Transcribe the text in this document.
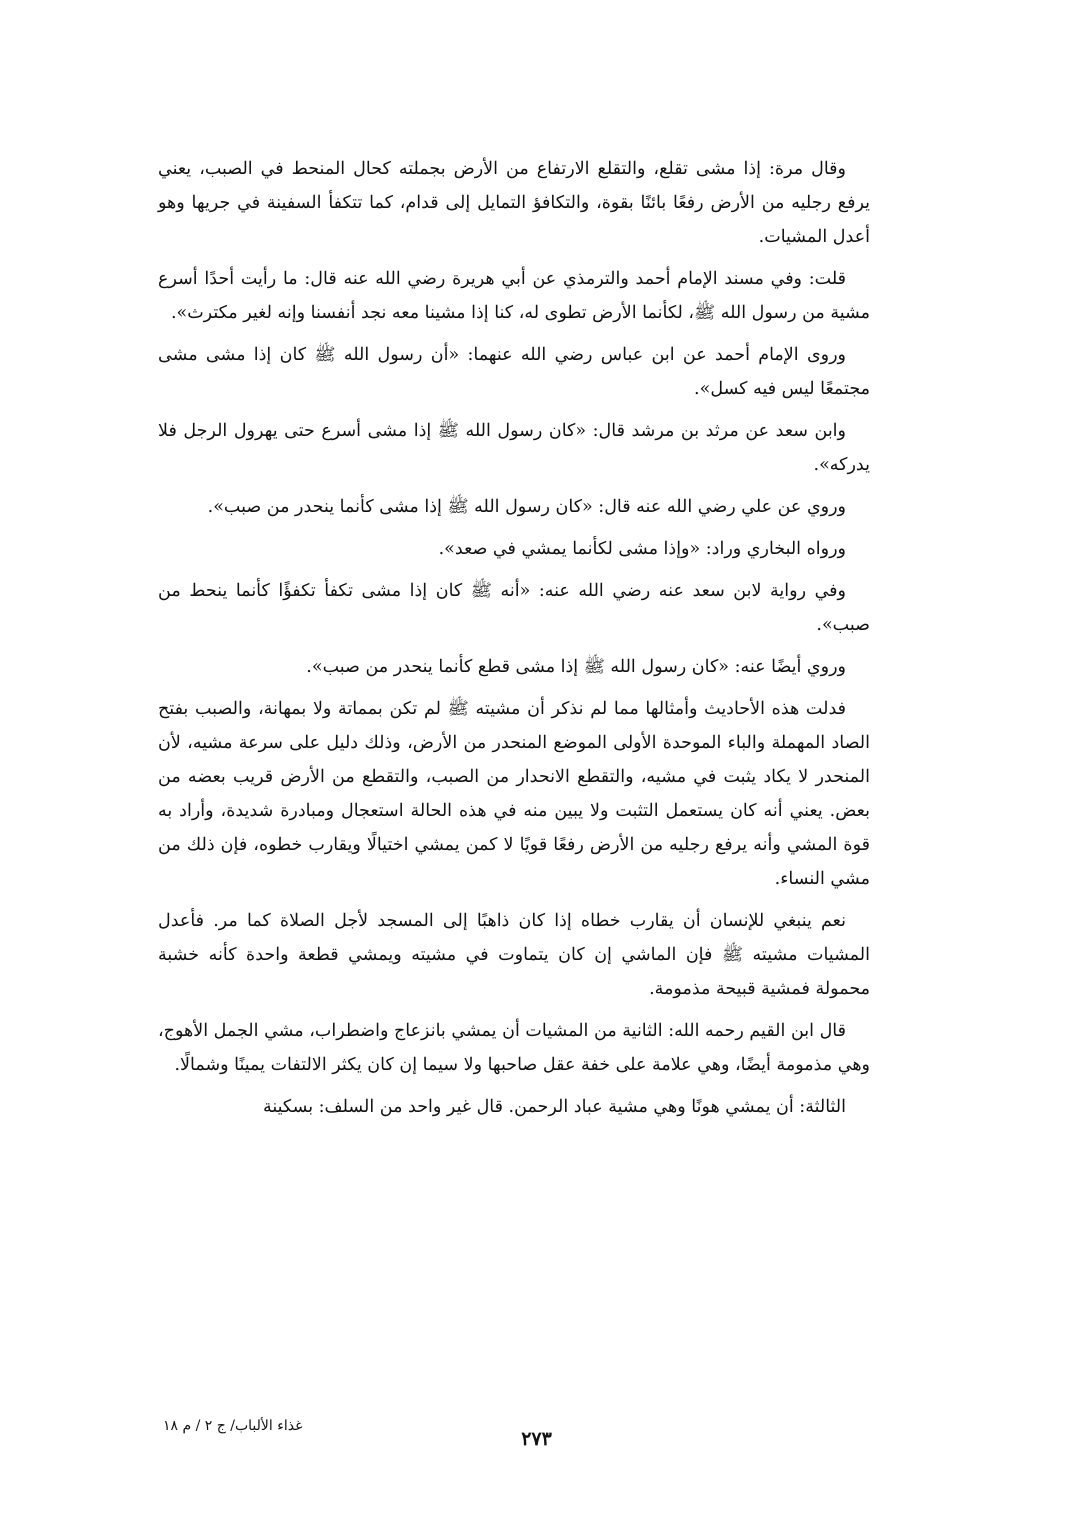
وقال مرة: إذا مشى تقلع، والتقلع الارتفاع من الأرض بجملته كحال المنحط في الصبب، يعني يرفع رجليه من الأرض رفعًا بائنًا بقوة، والتكافؤ التمايل إلى قدام، كما تتكفأ السفينة في جريها وهو أعدل المشيات.

قلت: وفي مسند الإمام أحمد والترمذي عن أبي هريرة رضي الله عنه قال: ما رأيت أحدًا أسرع مشية من رسول الله ﷺ، لكأنما الأرض تطوى له، كنا إذا مشينا معه نجد أنفسنا وإنه لغير مكترث».

وروى الإمام أحمد عن ابن عباس رضي الله عنهما: «أن رسول الله ﷺ كان إذا مشى مشى مجتمعًا ليس فيه كسل».

وابن سعد عن مرثد بن مرشد قال: «كان رسول الله ﷺ إذا مشى أسرع حتى يهرول الرجل فلا يدركه».

وروي عن علي رضي الله عنه قال: «كان رسول الله ﷺ إذا مشى كأنما ينحدر من صبب».

ورواه البخاري وراد: «وإذا مشى لكأنما يمشي في صعد».

وفي رواية لابن سعد عنه رضي الله عنه: «أنه ﷺ كان إذا مشى تكفأ تكفؤًا كأنما ينحط من صبب».

وروي أيضًا عنه: «كان رسول الله ﷺ إذا مشى قطع كأنما ينحدر من صبب».

فدلت هذه الأحاديث وأمثالها مما لم نذكر أن مشيته ﷺ لم تكن بمماتة ولا بمهانة، والصبب بفتح الصاد المهملة والباء الموحدة الأولى الموضع المنحدر من الأرض، وذلك دليل على سرعة مشيه، لأن المنحدر لا يكاد يثبت في مشيه، والتقطع الانحدار من الصبب، والتقطع من الأرض قريب بعضه من بعض. يعني أنه كان يستعمل التثبت ولا يبين منه في هذه الحالة استعجال ومبادرة شديدة، وأراد به قوة المشي وأنه يرفع رجليه من الأرض رفعًا قويًا لا كمن يمشي اختيالًا ويقارب خطوه، فإن ذلك من مشي النساء.

نعم ينبغي للإنسان أن يقارب خطاه إذا كان ذاهبًا إلى المسجد لأجل الصلاة كما مر. فأعدل المشيات مشيته ﷺ فإن الماشي إن كان يتماوت في مشيته ويمشي قطعة واحدة كأنه خشبة محمولة فمشية قبيحة مذمومة.

قال ابن القيم رحمه الله: الثانية من المشيات أن يمشي بانزعاج واضطراب، مشي الجمل الأهوج، وهي مذمومة أيضًا، وهي علامة على خفة عقل صاحبها ولا سيما إن كان يكثر الالتفات يمينًا وشمالًا.

الثالثة: أن يمشي هونًا وهي مشية عباد الرحمن. قال غير واحد من السلف: بسكينة

غذاء الألباب/ ج ٢ / م ١٨
٢٧٣
